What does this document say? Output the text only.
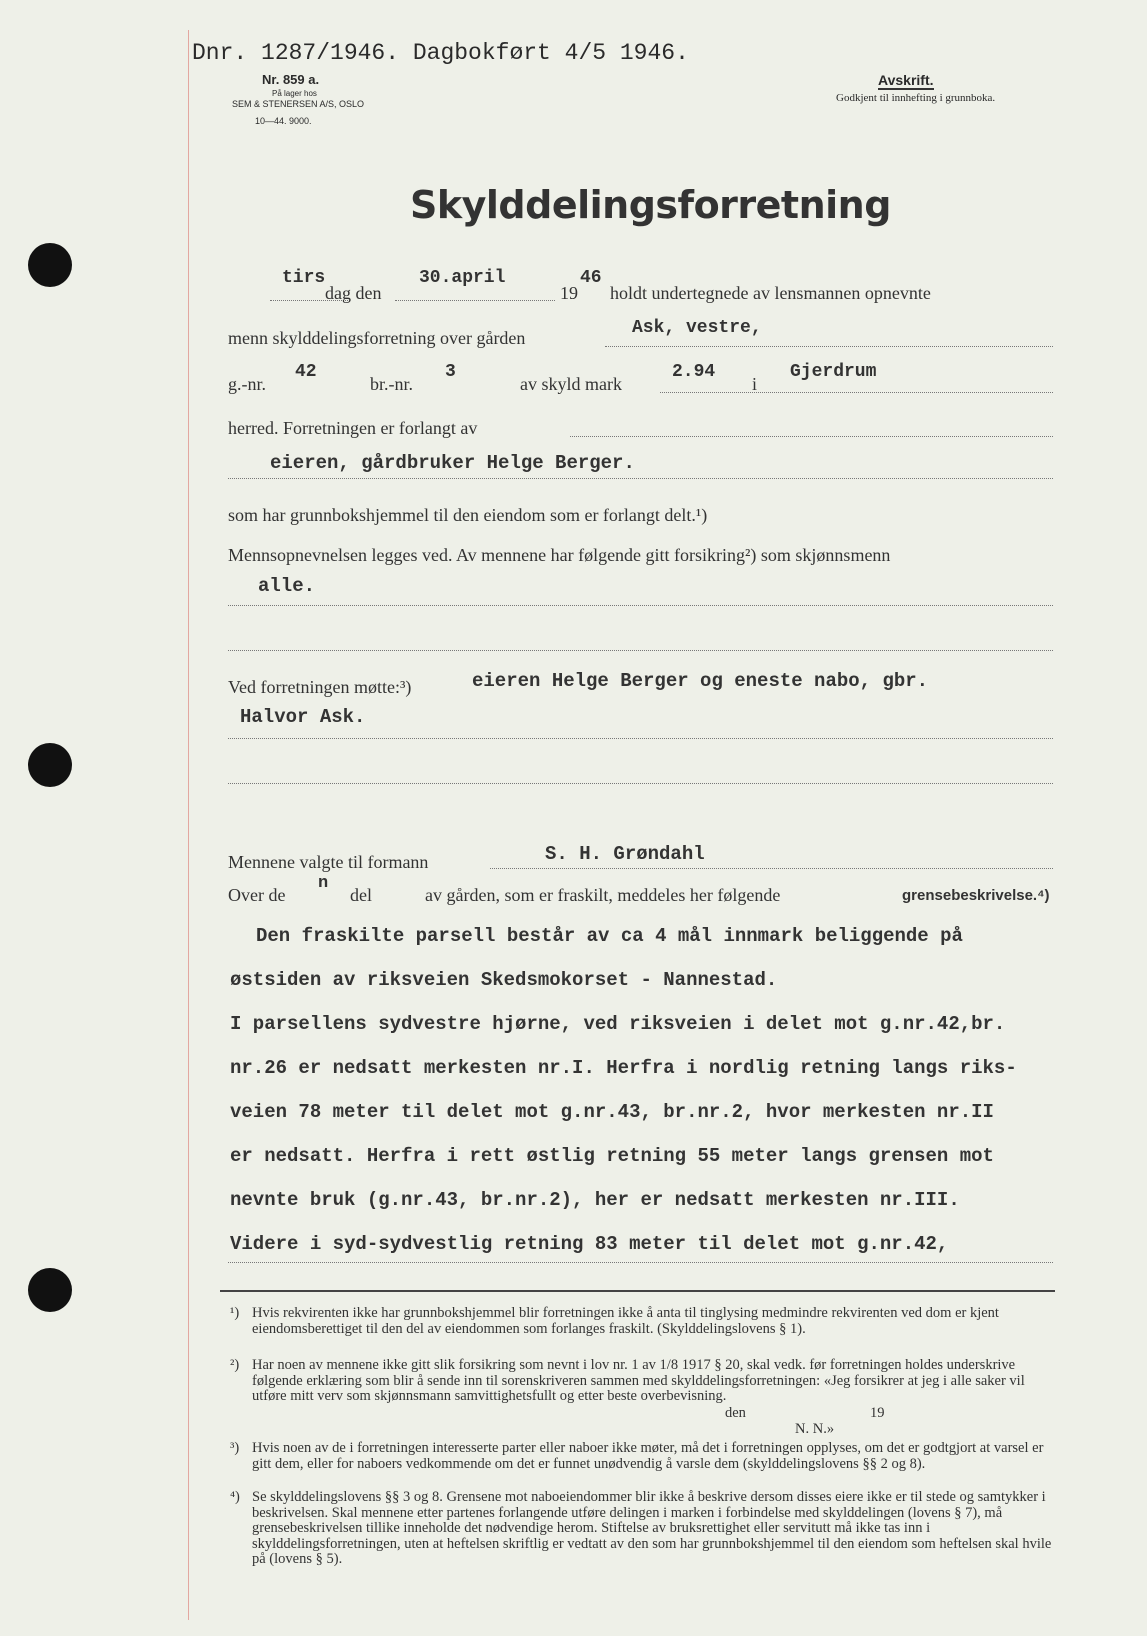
Dnr. 1287/1946. Dagbokført 4/5 1946.
Nr. 859 a.
På lager hos
SEM & STENERSEN A/S, OSLO
10—44. 9000.
Avskrift.
Godkjent til innhefting i grunnboka.
Skylddelingsforretning
tirs
dag den
30.april
19
46
holdt undertegnede av lensmannen opnevnte
menn skylddelingsforretning over gården	Ask, vestre,
g.-nr.
42
br.-nr.
3
av skyld mark
2.94
i
Gjerdrum
herred. Forretningen er forlangt av
eieren, gårdbruker Helge Berger.
som har grunnbokshjemmel til den eiendom som er forlangt delt.¹)
Mennsopnevnelsen legges ved. Av mennene har følgende gitt forsikring²) som skjønnsmenn
alle.
Ved forretningen møtte:³)	eieren Helge Berger og eneste nabo, gbr.
Halvor Ask.
Mennene valgte til formann	S. H. Grøndahl
Over de
n
del	av gården, som er fraskilt, meddeles her følgende	grensebeskrivelse.⁴)
Den fraskilte parsell består av ca 4 mål innmark beliggende på
østsiden av riksveien Skedsmokorset - Nannestad.
I parsellens sydvestre hjørne, ved riksveien i delet mot g.nr.42,br.
nr.26 er nedsatt merkesten nr.I. Herfra i nordlig retning langs riks-
veien 78 meter til delet mot g.nr.43, br.nr.2, hvor merkesten nr.II
er nedsatt. Herfra i rett østlig retning 55 meter langs grensen mot
nevnte bruk (g.nr.43, br.nr.2), her er nedsatt merkesten nr.III.
Videre i syd-sydvestlig retning 83 meter til delet mot g.nr.42,
¹) Hvis rekvirenten ikke har grunnbokshjemmel blir forretningen ikke å anta til tinglysing medmindre rekvirenten ved dom er kjent eiendomsberettiget til den del av eiendommen som forlanges fraskilt. (Skylddelingslovens § 1).
²) Har noen av mennene ikke gitt slik forsikring som nevnt i lov nr. 1 av 1/8 1917 § 20, skal vedk. før forretningen holdes underskrive følgende erklæring som blir å sende inn til sorenskriveren sammen med skylddelingsforretningen: «Jeg forsikrer at jeg i alle saker vil utføre mitt verv som skjønnsmann samvittighetsfullt og etter beste overbevisning.
den	19
N. N.»
³) Hvis noen av de i forretningen interesserte parter eller naboer ikke møter, må det i forretningen opplyses, om det er godtgjort at varsel er gitt dem, eller for naboers vedkommende om det er funnet unødvendig å varsle dem (skylddelingslovens §§ 2 og 8).
⁴) Se skylddelingslovens §§ 3 og 8. Grensene mot naboeiendommer blir ikke å beskrive dersom disses eiere ikke er til stede og samtykker i beskrivelsen. Skal mennene etter partenes forlangende utføre delingen i marken i forbindelse med skylddelingen (lovens § 7), må grensebeskrivelsen tillike inneholde det nødvendige herom. Stiftelse av bruksrettighet eller servitutt må ikke tas inn i skylddelingsforretningen, uten at heftelsen skriftlig er vedtatt av den som har grunnbokshjemmel til den eiendom som heftelsen skal hvile på (lovens § 5).
